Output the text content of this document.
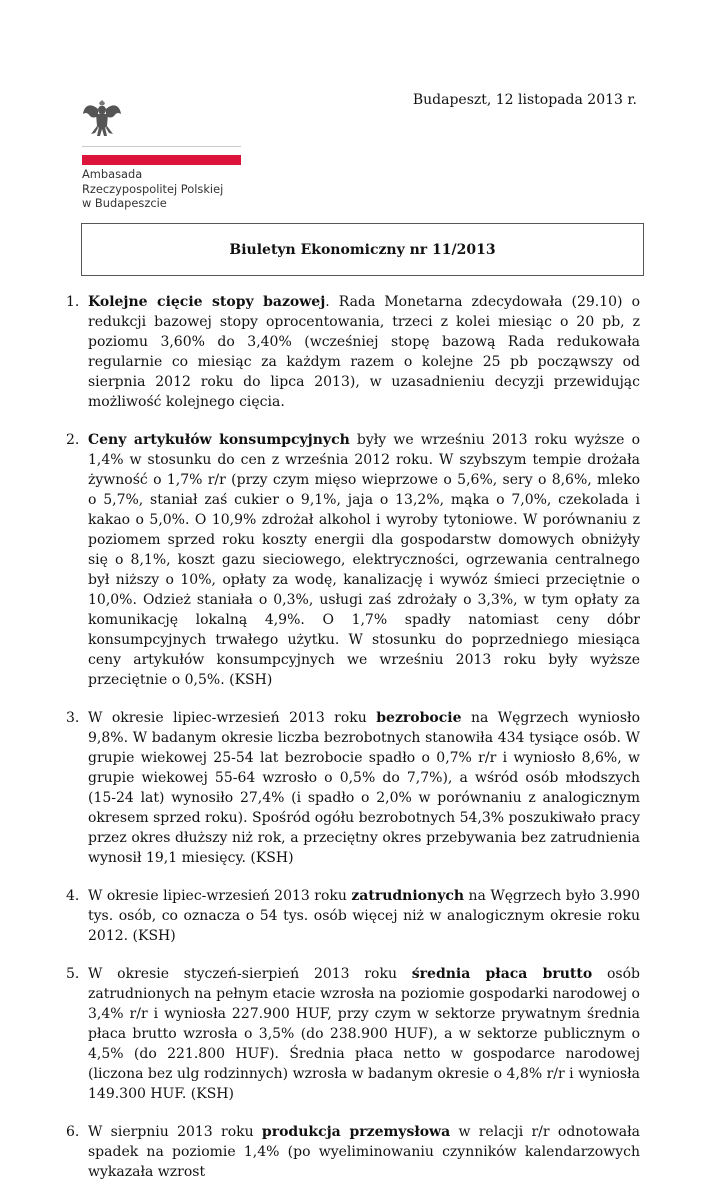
Budapeszt, 12 listopada 2013 r.
Ambasada
Rzeczypospolitej Polskiej
w Budapeszcie
Biuletyn Ekonomiczny nr 11/2013
1. Kolejne cięcie stopy bazowej. Rada Monetarna zdecydowała (29.10) o redukcji bazowej stopy oprocentowania, trzeci z kolei miesiąc o 20 pb, z poziomu 3,60% do 3,40% (wcześniej stopę bazową Rada redukowała regularnie co miesiąc za każdym razem o kolejne 25 pb począwszy od sierpnia 2012 roku do lipca 2013), w uzasadnieniu decyzji przewidując możliwość kolejnego cięcia.
2. Ceny artykułów konsumpcyjnych były we wrześniu 2013 roku wyższe o 1,4% w stosunku do cen z września 2012 roku. W szybszym tempie drożała żywność o 1,7% r/r (przy czym mięso wieprzowe o 5,6%, sery o 8,6%, mleko o 5,7%, staniał zaś cukier o 9,1%, jaja o 13,2%, mąka o 7,0%, czekolada i kakao o 5,0%. O 10,9% zdrożał alkohol i wyroby tytoniowe. W porównaniu z poziomem sprzed roku koszty energii dla gospodarstw domowych obniżyły się o 8,1%, koszt gazu sieciowego, elektryczności, ogrzewania centralnego był niższy o 10%, opłaty za wodę, kanalizację i wywóz śmieci przeciętnie o 10,0%. Odzież staniała o 0,3%, usługi zaś zdrożały o 3,3%, w tym opłaty za komunikację lokalną 4,9%. O 1,7% spadły natomiast ceny dóbr konsumpcyjnych trwałego użytku. W stosunku do poprzedniego miesiąca ceny artykułów konsumpcyjnych we wrześniu 2013 roku były wyższe przeciętnie o 0,5%. (KSH)
3. W okresie lipiec-wrzesień 2013 roku bezrobocie na Węgrzech wyniosło 9,8%. W badanym okresie liczba bezrobotnych stanowiła 434 tysiące osób. W grupie wiekowej 25-54 lat bezrobocie spadło o 0,7% r/r i wyniosło 8,6%, w grupie wiekowej 55-64 wzrosło o 0,5% do 7,7%), a wśród osób młodszych (15-24 lat) wynosiło 27,4% (i spadło o 2,0% w porównaniu z analogicznym okresem sprzed roku). Spośród ogółu bezrobotnych 54,3% poszukiwało pracy przez okres dłuższy niż rok, a przeciętny okres przebywania bez zatrudnienia wynosił 19,1 miesięcy. (KSH)
4. W okresie lipiec-wrzesień 2013 roku zatrudnionych na Węgrzech było 3.990 tys. osób, co oznacza o 54 tys. osób więcej niż w analogicznym okresie roku 2012. (KSH)
5. W okresie styczeń-sierpień 2013 roku średnia płaca brutto osób zatrudnionych na pełnym etacie wzrosła na poziomie gospodarki narodowej o 3,4% r/r i wyniosła 227.900 HUF, przy czym w sektorze prywatnym średnia płaca brutto wzrosła o 3,5% (do 238.900 HUF), a w sektorze publicznym o 4,5% (do 221.800 HUF). Średnia płaca netto w gospodarce narodowej (liczona bez ulg rodzinnych) wzrosła w badanym okresie o 4,8% r/r i wyniosła 149.300 HUF. (KSH)
6. W sierpniu 2013 roku produkcja przemysłowa w relacji r/r odnotowała spadek na poziomie 1,4% (po wyeliminowaniu czynników kalendarzowych wykazała wzrost
